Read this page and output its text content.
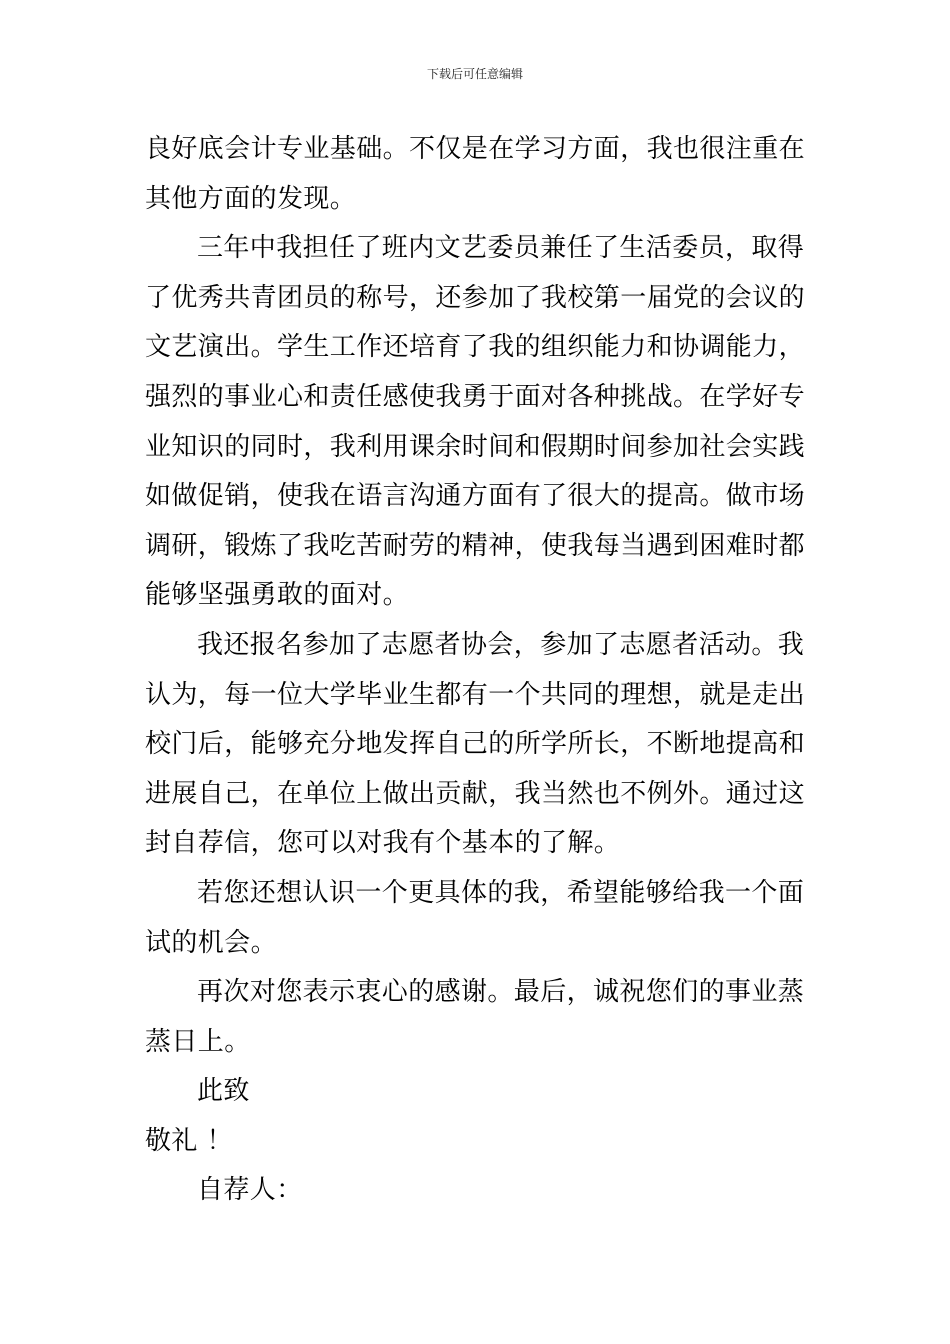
下载后可任意编辑
良好底会计专业基础。不仅是在学习方面，我也很注重在
其他方面的发现。
三年中我担任了班内文艺委员兼任了生活委员，取得
了优秀共青团员的称号，还参加了我校第一届党的会议的
文艺演出。学生工作还培育了我的组织能力和协调能力，
强烈的事业心和责任感使我勇于面对各种挑战。在学好专
业知识的同时，我利用课余时间和假期时间参加社会实践
如做促销，使我在语言沟通方面有了很大的提高。做市场
调研，锻炼了我吃苦耐劳的精神，使我每当遇到困难时都
能够坚强勇敢的面对。
我还报名参加了志愿者协会，参加了志愿者活动。我
认为，每一位大学毕业生都有一个共同的理想，就是走出
校门后，能够充分地发挥自己的所学所长，不断地提高和
进展自己，在单位上做出贡献，我当然也不例外。通过这
封自荐信，您可以对我有个基本的了解。
若您还想认识一个更具体的我，希望能够给我一个面
试的机会。
再次对您表示衷心的感谢。最后，诚祝您们的事业蒸
蒸日上。
此致
敬礼 ！
自荐人：
